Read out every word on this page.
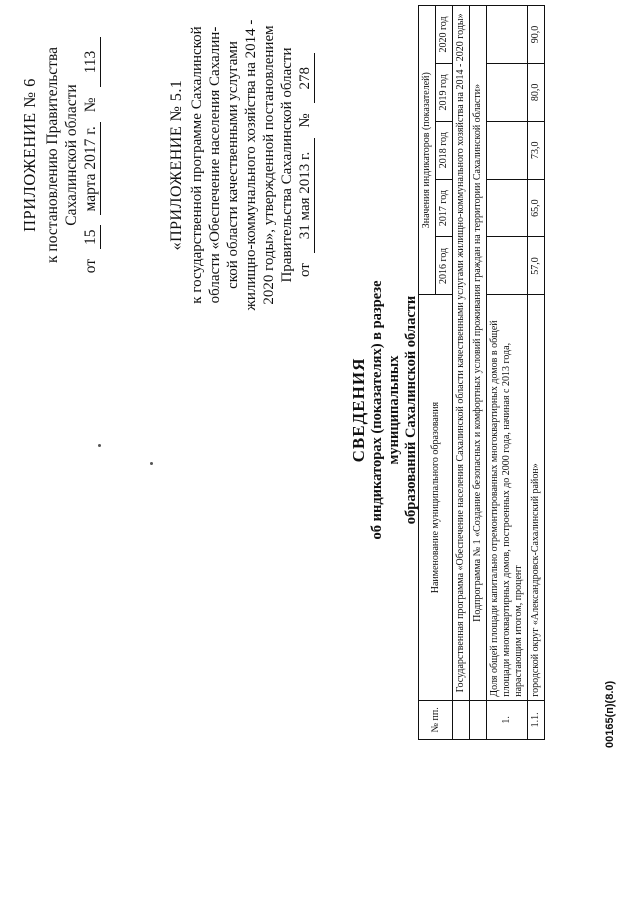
ПРИЛОЖЕНИЕ № 6 к постановлению Правительства Сахалинской области
от
15
марта 2017 г.
№
113
«ПРИЛОЖЕНИЕ № 5.1 к государственной программе Сахалинской области «Обеспечение населения Сахалин- ской области качественными услугами жилищно-коммунального хозяйства на 2014 - 2020 годы», утвержденной постановлением Правительства Сахалинской области от
31 мая 2013 г.
№
278
СВЕДЕНИЯ об индикаторах (показателях) в разрезе муниципальных образований Сахалинской области
№ пп.	Наименование муниципального образования	Значения индикаторов (показателей)				
		2016 год	2017 год	2018 год	2019 год	2020 год
	Государственная программа «Обеспечение населения Сахалинской области качественными услугами жилищно-коммунального хозяйства на 2014 - 2020 годы»					
	Подпрограмма № 1 «Создание безопасных и комфортных условий проживания граждан на территории Сахалинской области»					
1.	Доля общей площади капитально отремонтированных многоквартирных домов в общей площади многоквартирных домов, построенных до 2000 года, начиная с 2013 года, нарастающим итогом, процент					
1.1.	городской округ «Александровск-Сахалинский район»	57,0	65,0	73,0	80,0	90,0
00165(п)(8.0)
